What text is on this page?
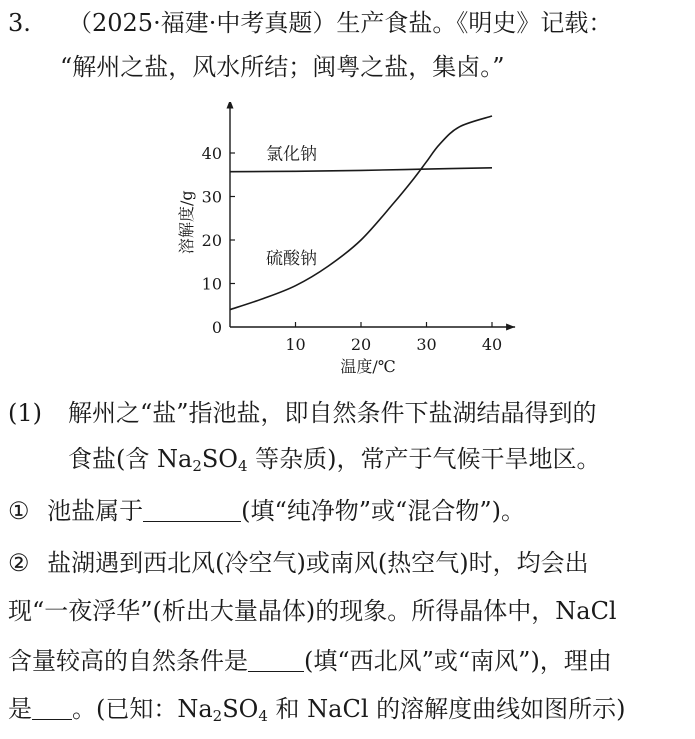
3. （2025·福建·中考真题）生产食盐。《明史》记载：
“解州之盐，风水所结；闽粤之盐，集卤。”
10	20	30	40
0
10
20
30
40
温度/℃
溶解度/g
氯化钠
硫酸钠
(1) 解州之“盐”指池盐，即自然条件下盐湖结晶得到的
食盐(含 $Na_2SO_4$ 等杂质)，常产于气候干旱地区。
① 池盐属于	(填“纯净物”或“混合物”)。
② 盐湖遇到西北风(冷空气)或南风(热空气)时，均会出
现“一夜浮华”(析出大量晶体)的现象。所得晶体中，NaCl
含量较高的自然条件是 (填“西北风”或“南风”)，理由
是 。(已知：$Na_2SO_4$ 和 NaCl 的溶解度曲线如图所示)
